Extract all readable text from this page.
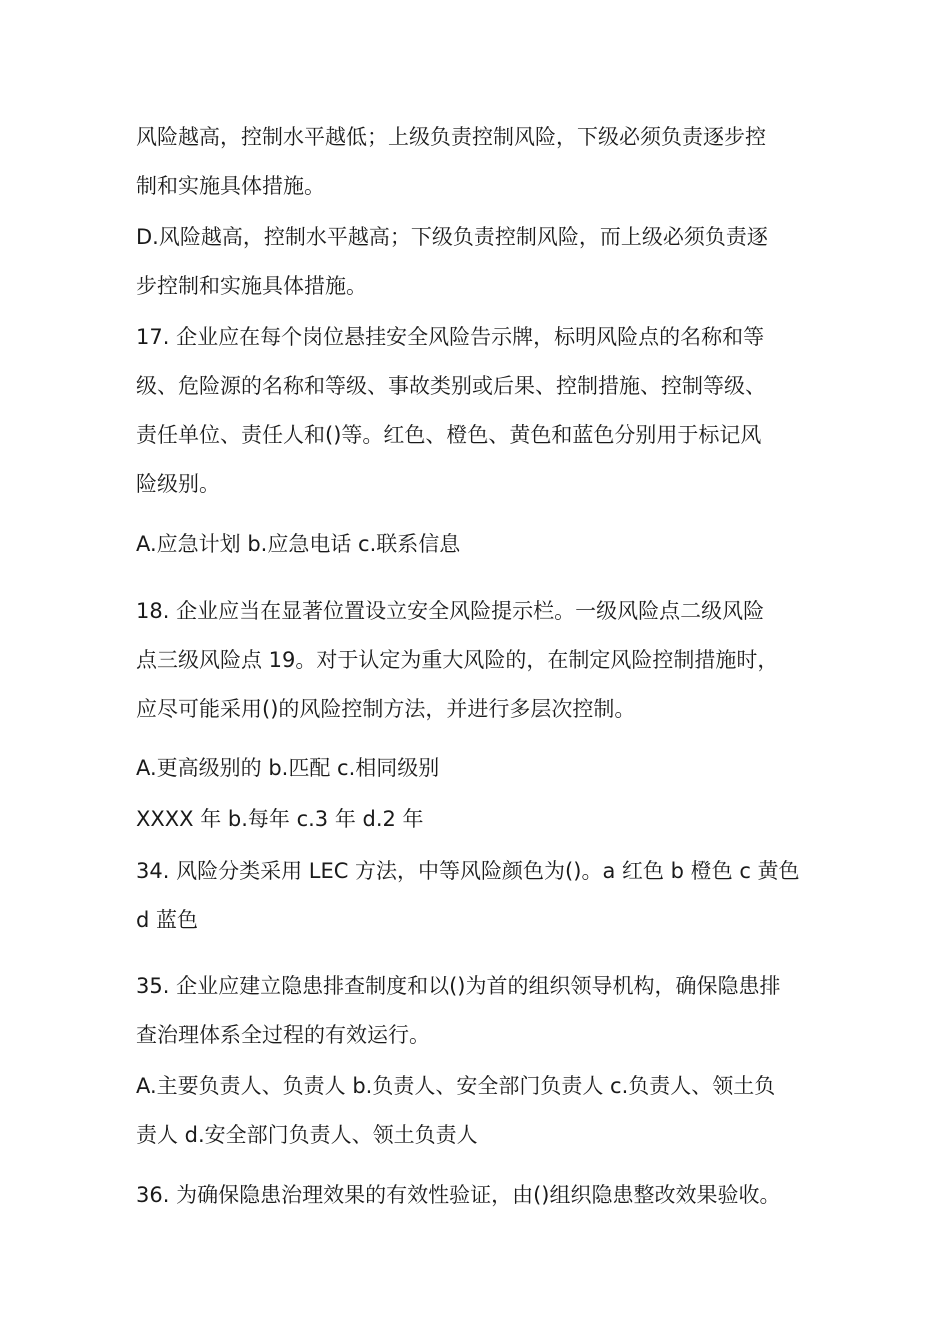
风险越高，控制水平越低；上级负责控制风险，下级必须负责逐步控
制和实施具体措施。
D.风险越高，控制水平越高；下级负责控制风险，而上级必须负责逐
步控制和实施具体措施。
17. 企业应在每个岗位悬挂安全风险告示牌，标明风险点的名称和等
级、危险源的名称和等级、事故类别或后果、控制措施、控制等级、
责任单位、责任人和()等。红色、橙色、黄色和蓝色分别用于标记风
险级别。
A.应急计划 b.应急电话 c.联系信息
18. 企业应当在显著位置设立安全风险提示栏。一级风险点二级风险
点三级风险点 19。对于认定为重大风险的，在制定风险控制措施时，
应尽可能采用()的风险控制方法，并进行多层次控制。
A.更高级别的 b.匹配 c.相同级别
XXXX 年 b.每年 c.3 年 d.2 年
34. 风险分类采用 LEC 方法，中等风险颜色为()。a 红色 b 橙色 c 黄色
d 蓝色
35. 企业应建立隐患排查制度和以()为首的组织领导机构，确保隐患排
查治理体系全过程的有效运行。
A.主要负责人、负责人 b.负责人、安全部门负责人 c.负责人、领土负
责人 d.安全部门负责人、领土负责人
36. 为确保隐患治理效果的有效性验证，由()组织隐患整改效果验收。
